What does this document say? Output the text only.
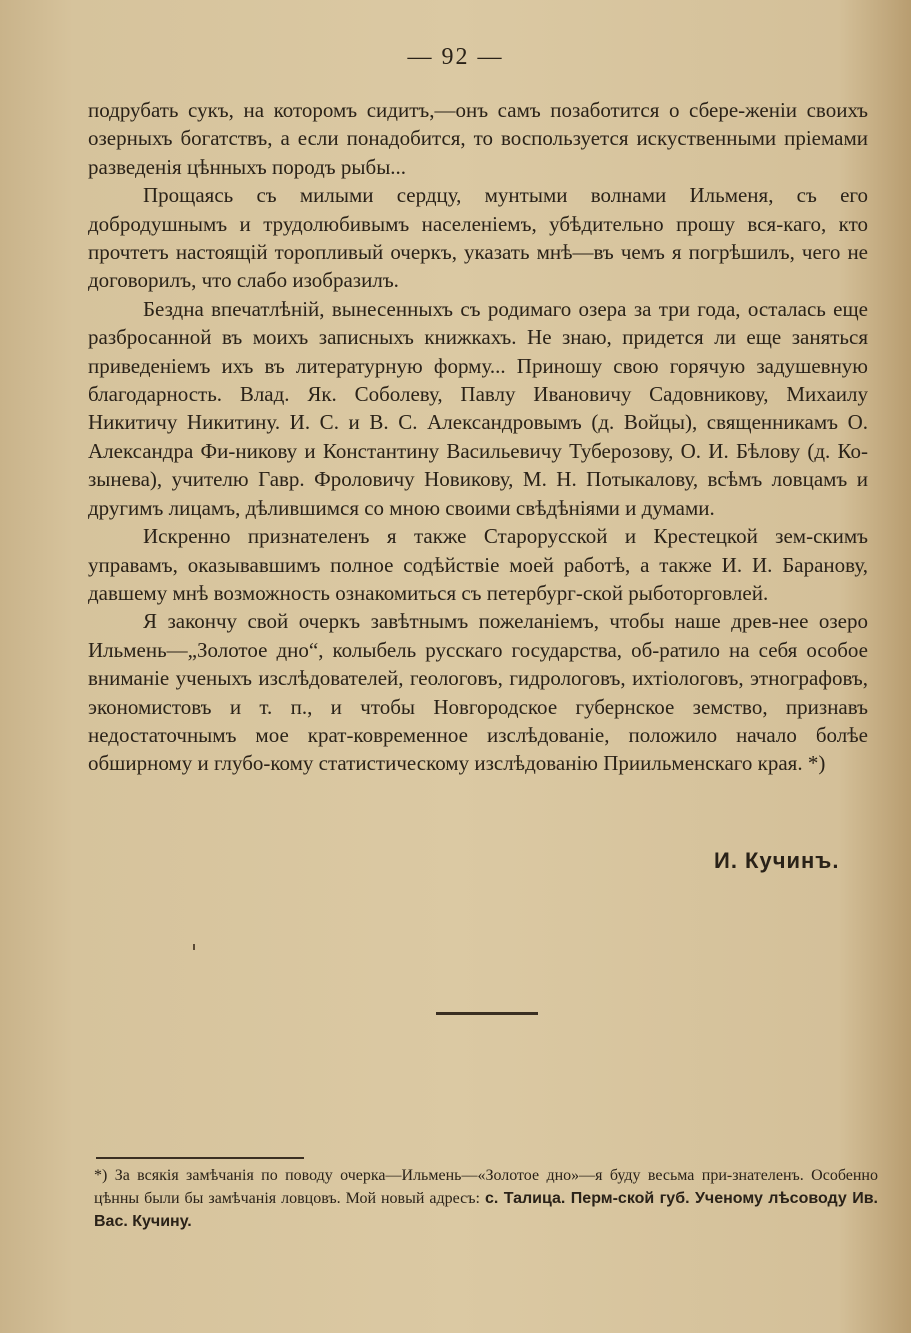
— 92 —

подрубать сукъ, на которомъ сидитъ,—онъ самъ позаботится о сбере-женіи своихъ озерныхъ богатствъ, а если понадобится, то воспользуется искуственными пріемами разведенія цѣнныхъ породъ рыбы...

Прощаясь съ милыми сердцу, мунтыми волнами Ильменя, съ его добродушнымъ и трудолюбивымъ населеніемъ, убѣдительно прошу вся-каго, кто прочтетъ настоящій торопливый очеркъ, указать мнѣ—въ чемъ я погрѣшилъ, чего не договорилъ, что слабо изобразилъ.

Бездна впечатлѣній, вынесенныхъ съ родимаго озера за три года, осталась еще разбросанной въ моихъ записныхъ книжкахъ. Не знаю, придется ли еще заняться приведеніемъ ихъ въ литературную форму... Приношу свою горячую задушевную благодарность. Влад. Як. Соболеву, Павлу Ивановичу Садовникову, Михаилу Никитичу Никитину. И. С. и В. С. Александровымъ (д. Войцы), священникамъ О. Александра Фи-никову и Константину Васильевичу Туберозову, О. И. Бѣлову (д. Ко-зынева), учителю Гавр. Фроловичу Новикову, М. Н. Потыкалову, всѣмъ ловцамъ и другимъ лицамъ, дѣлившимся со мною своими свѣдѣніями и думами.

Искренно признателенъ я также Старорусской и Крестецкой зем-скимъ управамъ, оказывавшимъ полное содѣйствіе моей работѣ, а также И. И. Баранову, давшему мнѣ возможность ознакомиться съ петербург-ской рыботорговлей.

Я закончу свой очеркъ завѣтнымъ пожеланіемъ, чтобы наше древ-нее озеро Ильмень—„Золотое дно“, колыбель русскаго государства, об-ратило на себя особое вниманіе ученыхъ изслѣдователей, геологовъ, гидрологовъ, ихтіологовъ, этнографовъ, экономистовъ и т. п., и чтобы Новгородское губернское земство, признавъ недостаточнымъ мое крат-ковременное изслѣдованіе, положило начало болѣе обширному и глубо-кому статистическому изслѣдованію Приильменскаго края. *)

И. Кучинъ.
*) За всякія замѣчанія по поводу очерка—Ильмень—«Золотое дно»—я буду весьма при-знателенъ. Особенно цѣнны были бы замѣчанія ловцовъ. Мой новый адресъ: с. Талица. Перм-ской губ. Ученому лѣсоводу Ив. Вас. Кучину.
